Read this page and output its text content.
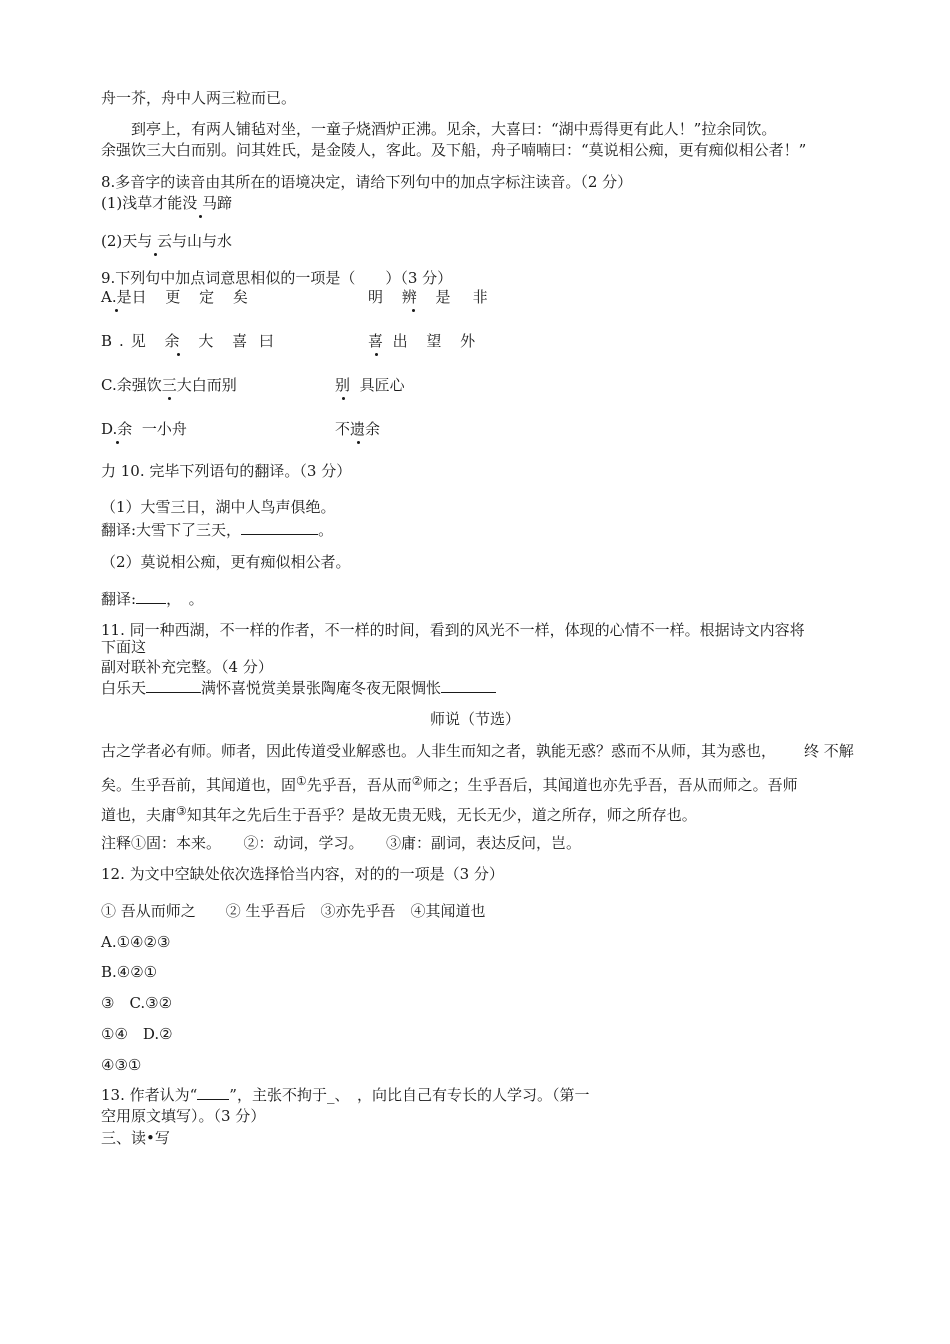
舟一芥，舟中人两三粒而已。
到亭上，有两人铺毡对坐，一童子烧酒炉正沸。见余，大喜曰：“湖中焉得更有此人！”拉余同饮。
余强饮三大白而别。问其姓氏，是金陵人，客此。及下船，舟子喃喃曰：“莫说相公痴，更有痴似相公者！”
8.多音字的读音由其所在的语境决定，请给下列句中的加点字标注读音。（2 分）
(1)浅草才能没 马蹄
(2)天与 云与山与水
9.下列句中加点词意思相似的一项是（　　）（3 分）
A.是日 更 定 矣	明 辨 是　 非
B.见 余 大 喜 曰	喜 出 望 外
C.余强饮三大白而别	别 具匠心
D.余 一小舟	不遗余
力 10. 完毕下列语句的翻译。（3 分）
（1）大雪三日，湖中人鸟声俱绝。
翻译:大雪下了三天，	。
（2）莫说相公痴，更有痴似相公者。
翻译: ，　。
11. 同一种西湖，不一样的作者，不一样的时间，看到的风光不一样，体现的心情不一样。根据诗文内容将
下面这
副对联补充完整。（4 分）
白乐天	满怀喜悦赏美景张陶庵冬夜无限惆怅
师说（节选）
古之学者必有师。师者，因此传道受业解惑也。人非生而知之者，孰能无惑？惑而不从师，其为惑也， 终 不解
矣。生乎吾前，其闻道也，固①先乎吾，吾从而②师之；生乎吾后，其闻道也亦先乎吾，吾从而师之。吾师
道也，夫庸③知其年之先后生于吾乎？是故无贵无贱，无长无少，道之所存，师之所存也。
注释①固：本来。　　②：动词，学习。　　③庸：副词，表达反问，岂。
12. 为文中空缺处依次选择恰当内容，对的的一项是（3 分）
① 吾从而师之　　② 生乎吾后　③亦先乎吾　④其闻道也
A.①④②③
B.④②①
③　C.③②
①④　D.②
④③①
13. 作者认为“ ”，主张不拘于_、　，向比自己有专长的人学习。（第一
空用原文填写）。（3 分）
三、读•写
